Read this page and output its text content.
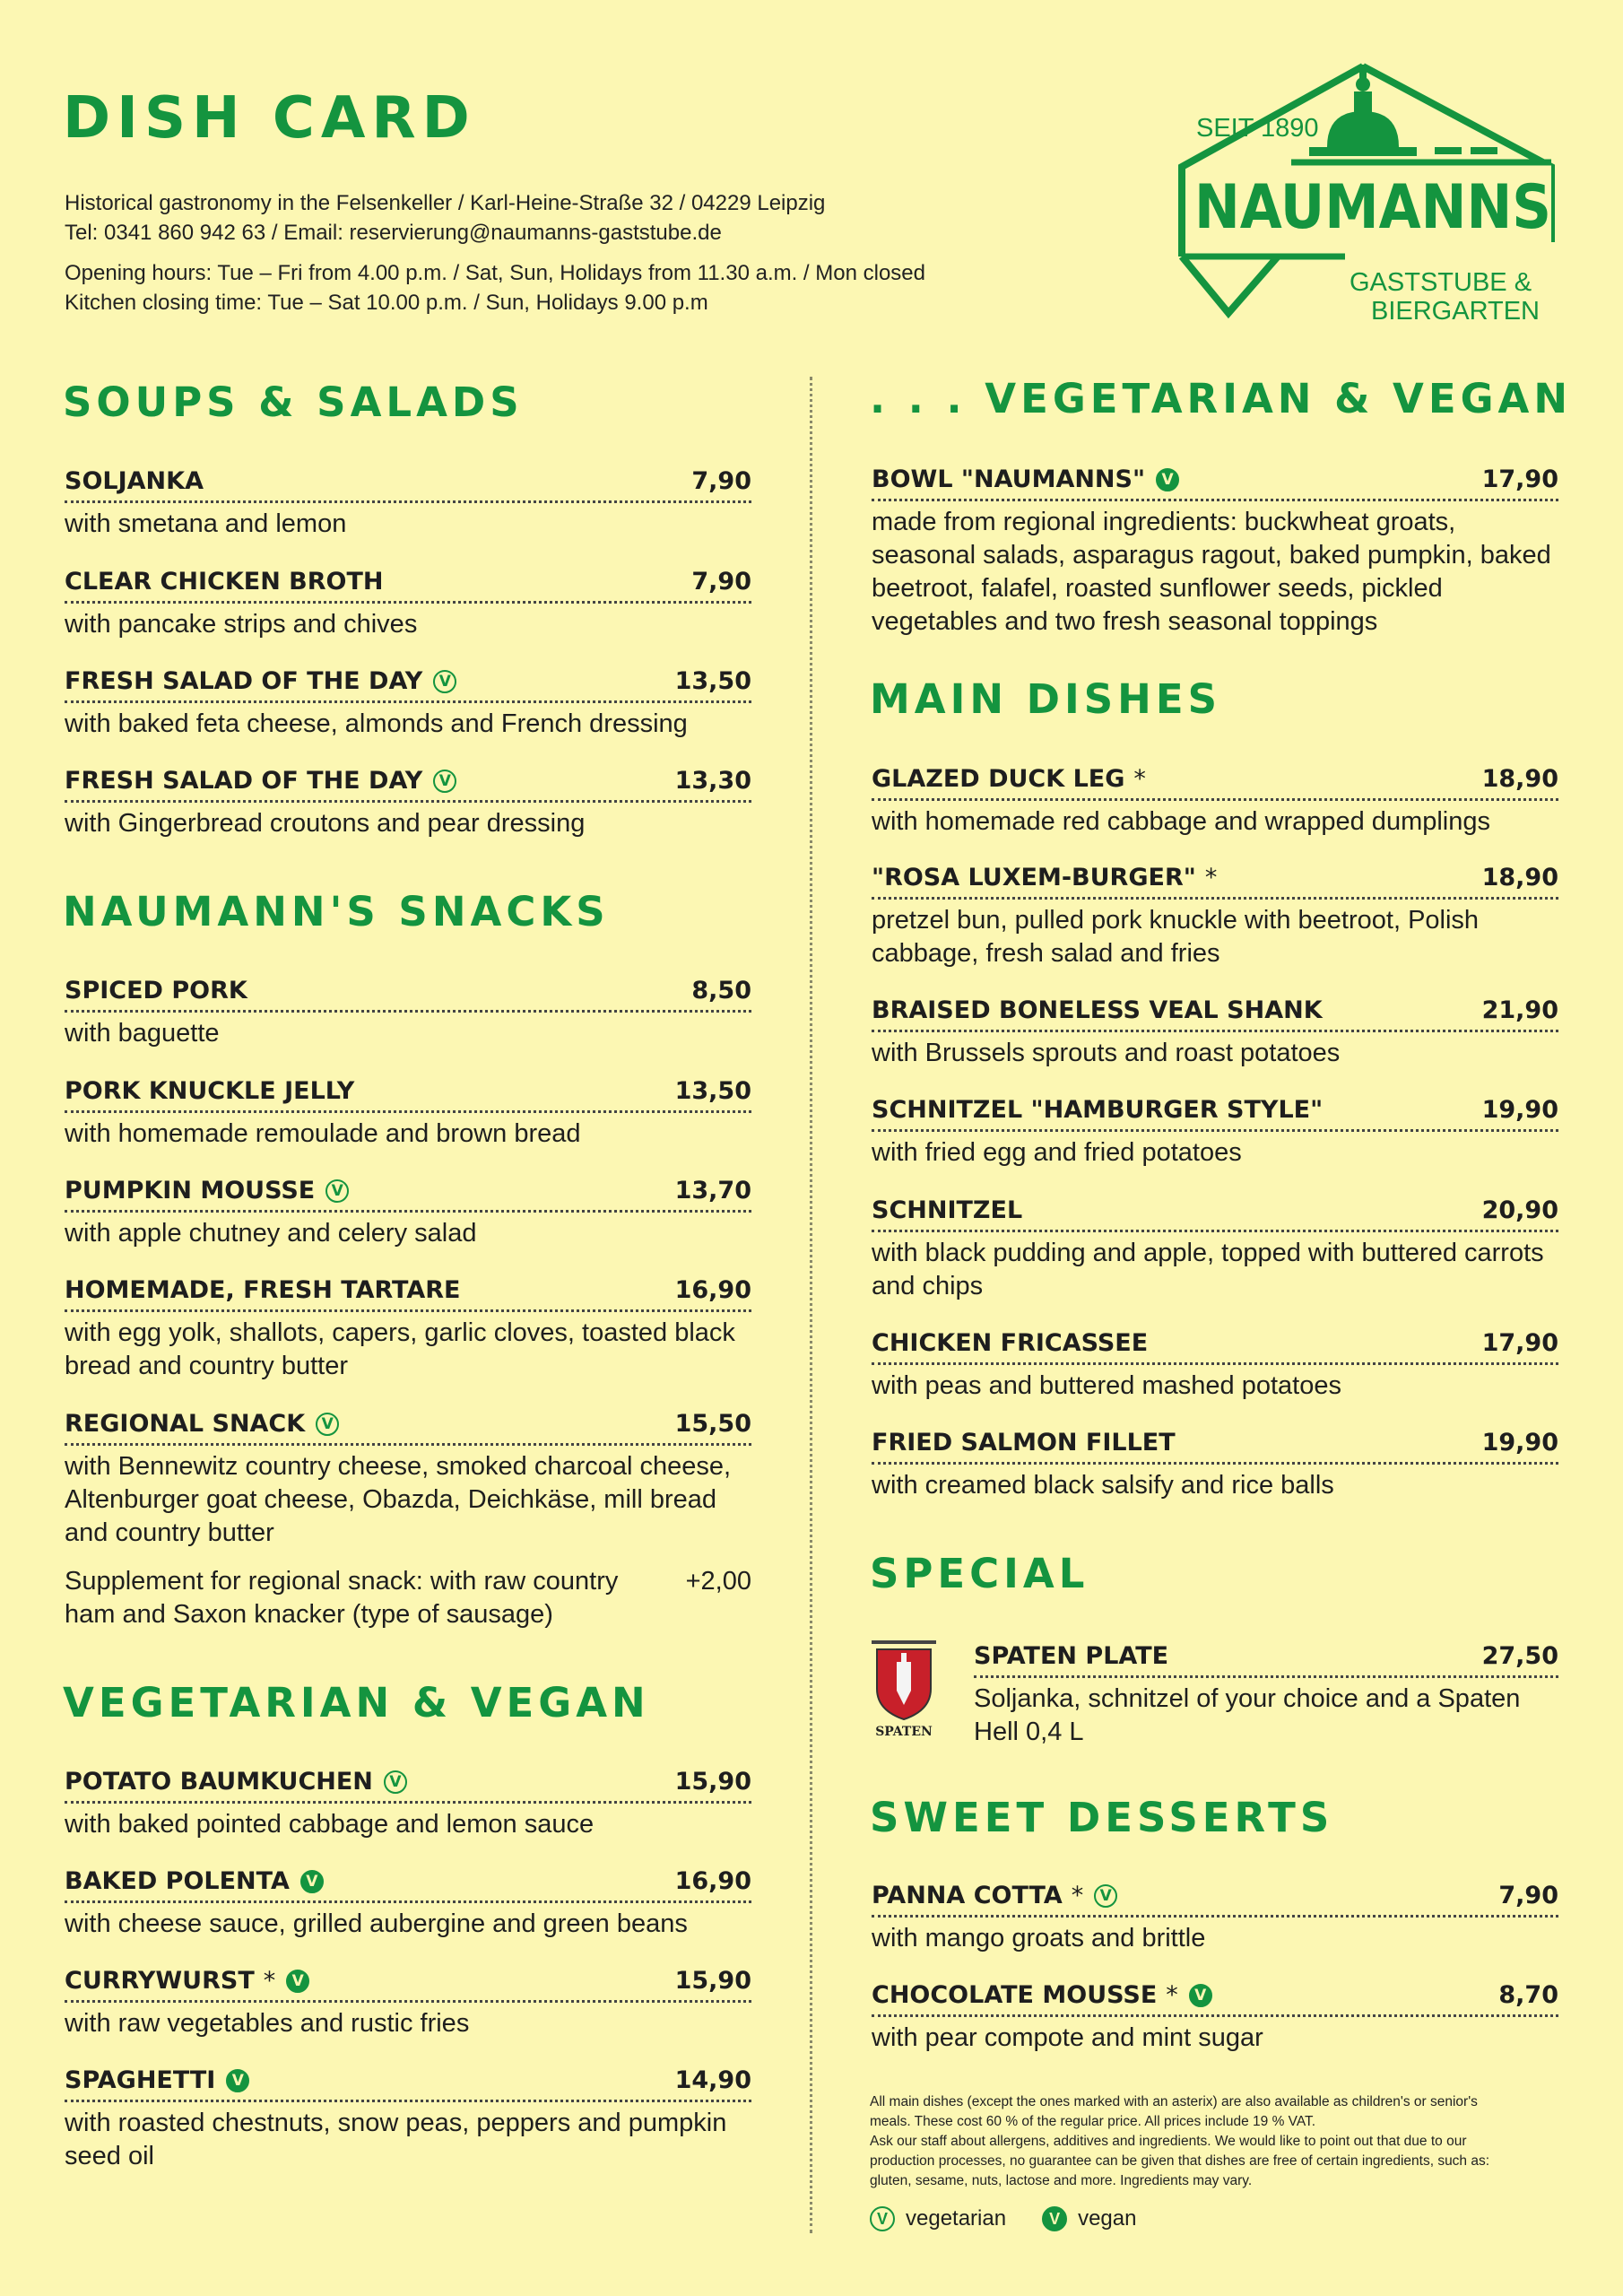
DISH CARD
Historical gastronomy in the Felsenkeller / Karl-Heine-Straße 32 / 04229 Leipzig
Tel: 0341 860 942 63 / Email: reservierung@naumanns-gaststube.de
Opening hours: Tue – Fri from 4.00 p.m. / Sat, Sun, Holidays from 11.30 a.m. / Mon closed
Kitchen closing time: Tue – Sat 10.00 p.m. / Sun, Holidays 9.00 p.m
SEIT 1890
NAUMANNS
GASTSTUBE &
BIERGARTEN
SOUPS & SALADS
NAUMANN'S SNACKS
VEGETARIAN & VEGAN
. . . VEGETARIAN & VEGAN
MAIN DISHES
SPECIAL
SWEET DESSERTS
SOLJANKA	7,90
with smetana and lemon
CLEAR CHICKEN BROTH	7,90
with pancake strips and chives
FRESH SALAD OF THE DAY	V	13,50
with baked feta cheese, almonds and French dressing
FRESH SALAD OF THE DAY	V	13,30
with Gingerbread croutons and pear dressing
SPICED PORK	8,50
with baguette
PORK KNUCKLE JELLY	13,50
with homemade remoulade and brown bread
PUMPKIN MOUSSE	V	13,70
with apple chutney and celery salad
HOMEMADE, FRESH TARTARE	16,90
with egg yolk, shallots, capers, garlic cloves, toasted black bread and country butter
REGIONAL SNACK	V	15,50
with Bennewitz country cheese, smoked charcoal cheese, Altenburger goat cheese, Obazda, Deichkäse, mill bread and country butter
POTATO BAUMKUCHEN	V	15,90
with baked pointed cabbage and lemon sauce
BAKED POLENTA	V	16,90
with cheese sauce, grilled aubergine and green beans
CURRYWURST *	V	15,90
with raw vegetables and rustic fries
SPAGHETTI	V	14,90
with roasted chestnuts, snow peas, peppers and pumpkin seed oil
BOWL "NAUMANNS"	V	17,90
made from regional ingredients: buckwheat groats, seasonal salads, asparagus ragout, baked pumpkin, baked beetroot, falafel, roasted sunflower seeds, pickled vegetables and two fresh seasonal toppings
GLAZED DUCK LEG *	18,90
with homemade red cabbage and wrapped dumplings
"ROSA LUXEM-BURGER" *	18,90
pretzel bun, pulled pork knuckle with beetroot, Polish cabbage, fresh salad and fries
BRAISED BONELESS VEAL SHANK	21,90
with Brussels sprouts and roast potatoes
SCHNITZEL "HAMBURGER STYLE"	19,90
with fried egg and fried potatoes
SCHNITZEL	20,90
with black pudding and apple, topped with buttered carrots and chips
CHICKEN FRICASSEE	17,90
with peas and buttered mashed potatoes
FRIED SALMON FILLET	19,90
with creamed black salsify and rice balls
SPATEN PLATE	27,50
Soljanka, schnitzel of your choice and a Spaten Hell 0,4 L
PANNA COTTA *	V	7,90
with mango groats and brittle
CHOCOLATE MOUSSE *	V	8,70
with pear compote and mint sugar
Supplement for regional snack: with raw country ham and Saxon knacker (type of sausage)
+2,00
SPATEN
All main dishes (except the ones marked with an asterix) are also available as children's or senior's meals. These cost 60 % of the regular price. All prices include 19 % VAT.
Ask our staff about allergens, additives and ingredients. We would like to point out that due to our production processes, no guarantee can be given that dishes are free of certain ingredients, such as: gluten, sesame, nuts, lactose and more. Ingredients may vary.
V vegetarian	V vegan
